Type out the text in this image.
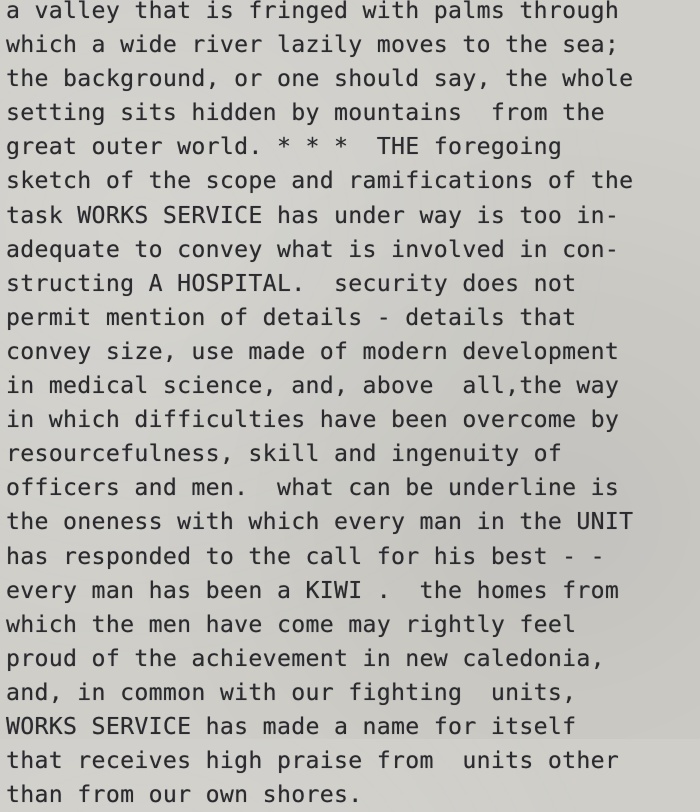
a valley that is fringed with palms through
which a wide river lazily moves to the sea;
the background, or one should say, the whole
setting sits hidden by mountains  from the
great outer world. * * *  THE foregoing
sketch of the scope and ramifications of the
task WORKS SERVICE has under way is too in-
adequate to convey what is involved in con-
structing A HOSPITAL.  security does not
permit mention of details - details that
convey size, use made of modern development
in medical science, and, above  all,the way
in which difficulties have been overcome by
resourcefulness, skill and ingenuity of
officers and men.  what can be underline is
the oneness with which every man in the UNIT
has responded to the call for his best - -
every man has been a KIWI .  the homes from
which the men have come may rightly feel
proud of the achievement in new caledonia,
and, in common with our fighting  units,
WORKS SERVICE has made a name for itself
that receives high praise from  units other
than from our own shores.
